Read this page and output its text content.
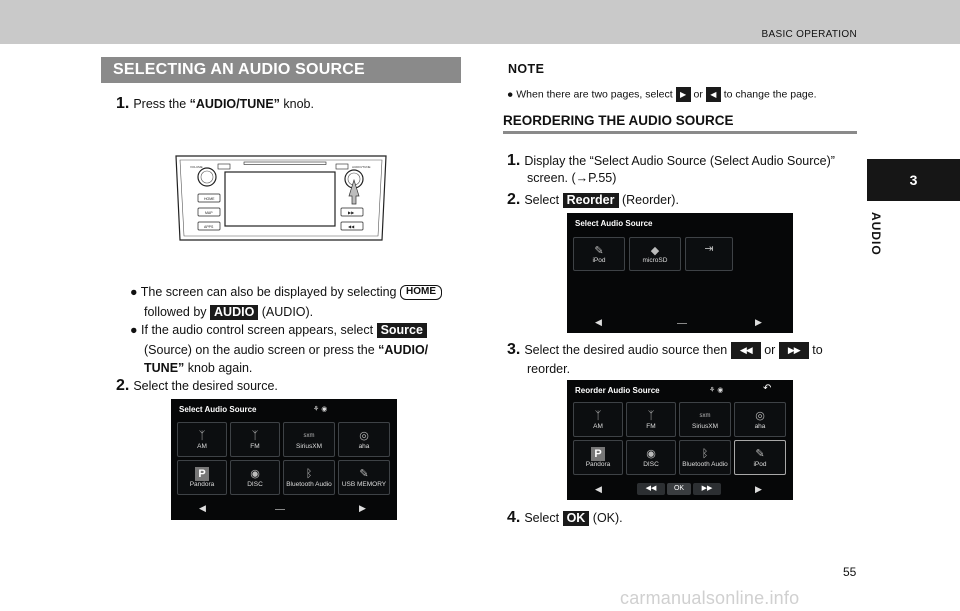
BASIC OPERATION
3
AUDIO
SELECTING AN AUDIO SOURCE
1. Press the “AUDIO/TUNE” knob.
VOLUME	AUDIO/TUNE
HOME
MAP
APPS
▶▶
◀◀
● The screen can also be displayed by selecting HOME
followed by AUDIO (AUDIO).
● If the audio control screen appears, select Source
(Source) on the audio screen or press the “AUDIO/
TUNE” knob again.
2. Select the desired source.
Select Audio Source	⚘ ◉
ᛉ
AM
ᛉ
FM
sxm
SiriusXM
◎
aha
P
Pandora
◉
DISC
ᛒ
Bluetooth Audio
✎
USB MEMORY
◀	▶
NOTE
● When there are two pages, select ▶ or ◀ to change the page.
REORDERING THE AUDIO SOURCE
1. Display the “Select Audio Source (Select Audio Source)”
screen. (→P.55)
2. Select Reorder (Reorder).
Select Audio Source
✎
iPod
◆
microSD
⇥
◀	▶
3. Select the desired audio source then ◀◀ or ▶▶ to
reorder.
Reorder Audio Source	⚘ ◉	↶
ᛉ
AM
ᛉ
FM
sxm
SiriusXM
◎
aha
P
Pandora
◉
DISC
ᛒ
Bluetooth Audio
✎
iPod
◀	◀◀	OK	▶▶	▶
4. Select OK (OK).
55
carmanualsonline.info
